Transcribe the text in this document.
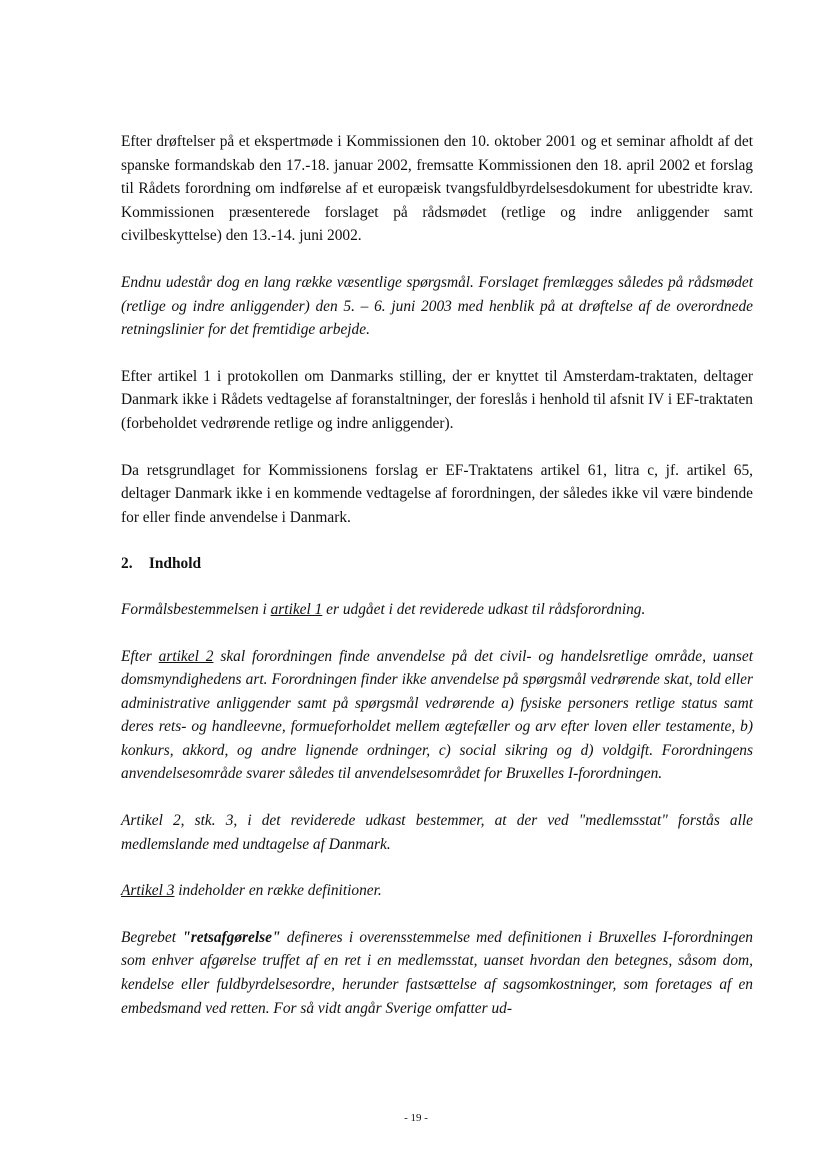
Efter drøftelser på et ekspertmøde i Kommissionen den 10. oktober 2001 og et seminar afholdt af det spanske formandskab den 17.-18. januar 2002, fremsatte Kommissionen den 18. april 2002 et forslag til Rådets forordning om indførelse af et europæisk tvangsfuldbyrdelsesdokument for ubestridte krav. Kommissionen præsenterede forslaget på rådsmødet (retlige og indre anliggender samt civilbeskyttelse) den 13.-14. juni 2002.

Endnu udestår dog en lang række væsentlige spørgsmål. Forslaget fremlægges således på rådsmødet (retlige og indre anliggender) den 5. – 6. juni 2003 med henblik på at drøftelse af de overordnede retningslinier for det fremtidige arbejde.

Efter artikel 1 i protokollen om Danmarks stilling, der er knyttet til Amsterdam-traktaten, deltager Danmark ikke i Rådets vedtagelse af foranstaltninger, der foreslås i henhold til afsnit IV i EF-traktaten (forbeholdet vedrørende retlige og indre anliggender).

Da retsgrundlaget for Kommissionens forslag er EF-Traktatens artikel 61, litra c, jf. artikel 65, deltager Danmark ikke i en kommende vedtagelse af forordningen, der således ikke vil være bindende for eller finde anvendelse i Danmark.

2. Indhold

Formålsbestemmelsen i artikel 1 er udgået i det reviderede udkast til rådsforordning.

Efter artikel 2 skal forordningen finde anvendelse på det civil- og handelsretlige område, uanset domsmyndighedens art. Forordningen finder ikke anvendelse på spørgsmål vedrørende skat, told eller administrative anliggender samt på spørgsmål vedrørende a) fysiske personers retlige status samt deres rets- og handleevne, formueforholdet mellem ægtefæller og arv efter loven eller testamente, b) konkurs, akkord, og andre lignende ordninger, c) social sikring og d) voldgift. Forordningens anvendelsesområde svarer således til anvendelsesområdet for Bruxelles I-forordningen.

Artikel 2, stk. 3, i det reviderede udkast bestemmer, at der ved "medlemsstat" forstås alle medlemslande med undtagelse af Danmark.

Artikel 3 indeholder en række definitioner.

Begrebet "retsafgørelse" defineres i overensstemmelse med definitionen i Bruxelles I-forordningen som enhver afgørelse truffet af en ret i en medlemsstat, uanset hvordan den betegnes, såsom dom, kendelse eller fuldbyrdelsesordre, herunder fastsættelse af sagsomkostninger, som foretages af en embedsmand ved retten. For så vidt angår Sverige omfatter ud-

- 19 -
